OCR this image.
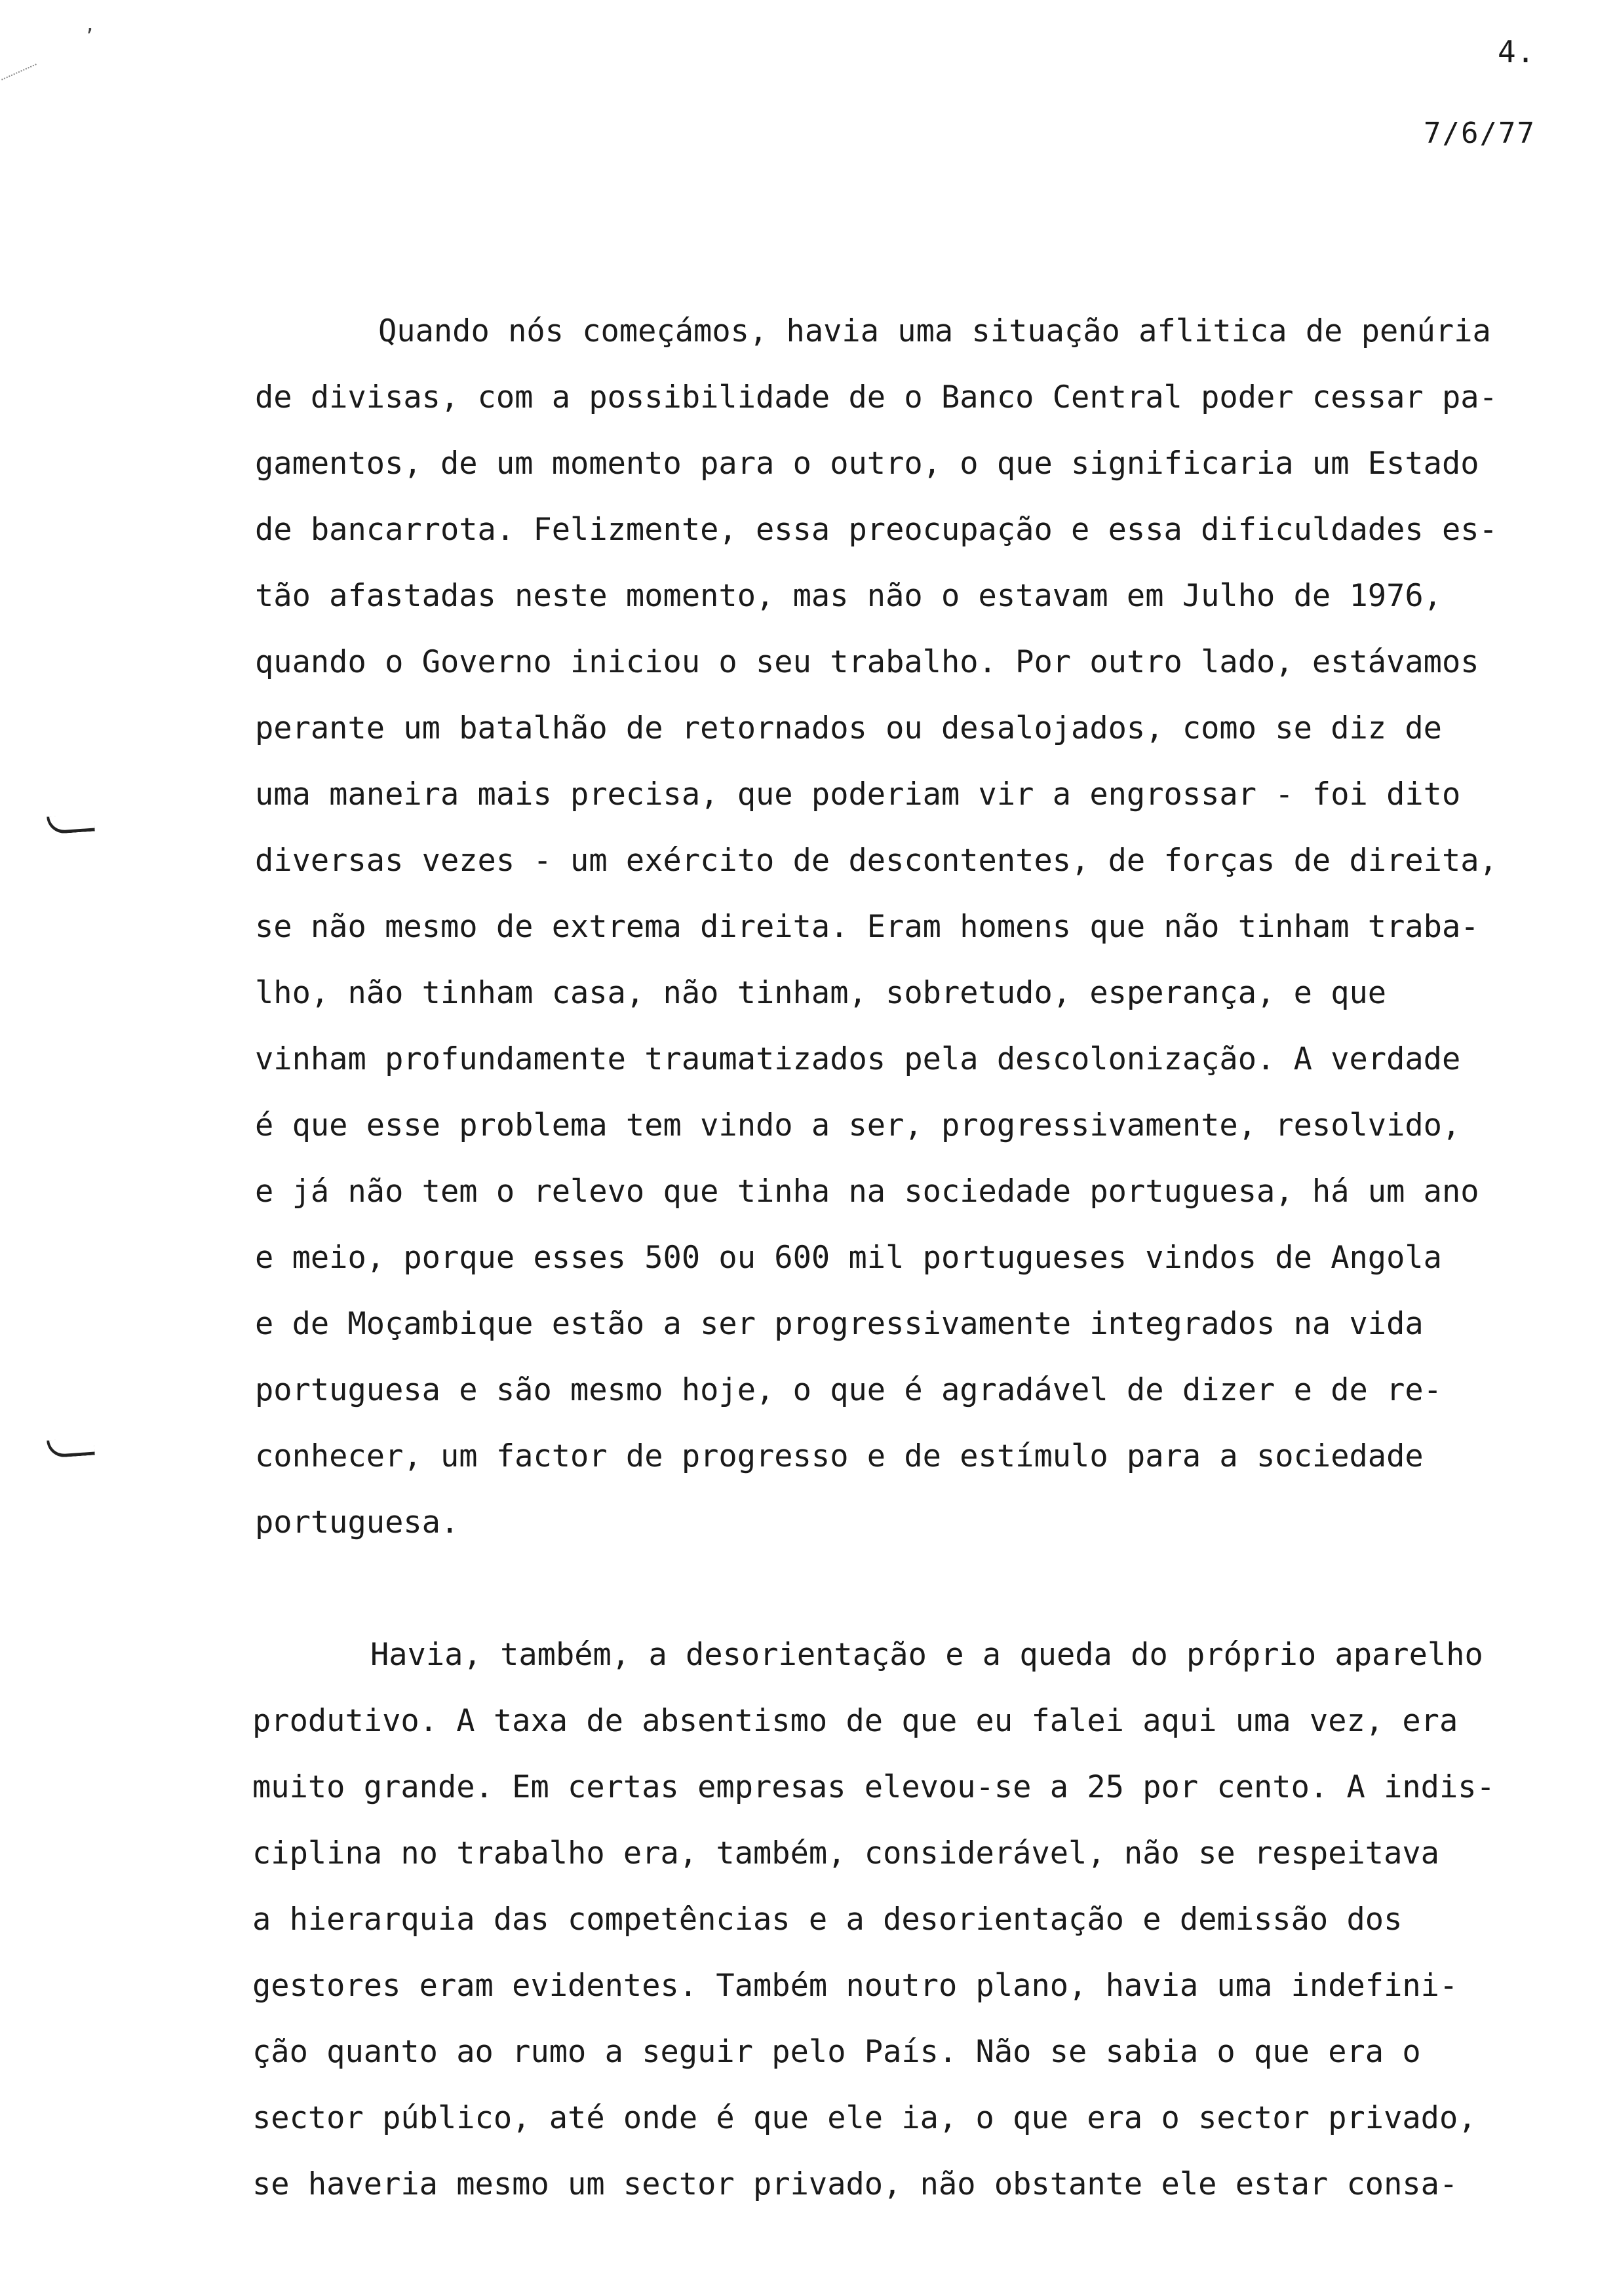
’	4.
7/6/77
Quando nós começámos, havia uma situação aflitica de penúria
de divisas, com a possibilidade de o Banco Central poder cessar pa-
gamentos, de um momento para o outro, o que significaria um Estado
de bancarrota. Felizmente, essa preocupação e essa dificuldades es-
tão afastadas neste momento, mas não o estavam em Julho de 1976,
quando o Governo iniciou o seu trabalho. Por outro lado, estávamos
perante um batalhão de retornados ou desalojados, como se diz de
uma maneira mais precisa, que poderiam vir a engrossar - foi dito
diversas vezes - um exército de descontentes, de forças de direita,
se não mesmo de extrema direita. Eram homens que não tinham traba-
lho, não tinham casa, não tinham, sobretudo, esperança, e que
vinham profundamente traumatizados pela descolonização. A verdade
é que esse problema tem vindo a ser, progressivamente, resolvido,
e já não tem o relevo que tinha na sociedade portuguesa, há um ano
e meio, porque esses 500 ou 600 mil portugueses vindos de Angola
e de Moçambique estão a ser progressivamente integrados na vida
portuguesa e são mesmo hoje, o que é agradável de dizer e de re-
conhecer, um factor de progresso e de estímulo para a sociedade
portuguesa.
Havia, também, a desorientação e a queda do próprio aparelho
produtivo. A taxa de absentismo de que eu falei aqui uma vez, era
muito grande. Em certas empresas elevou-se a 25 por cento. A indis-
ciplina no trabalho era, também, considerável, não se respeitava
a hierarquia das competências e a desorientação e demissão dos
gestores eram evidentes. Também noutro plano, havia uma indefini-
ção quanto ao rumo a seguir pelo País. Não se sabia o que era o
sector público, até onde é que ele ia, o que era o sector privado,
se haveria mesmo um sector privado, não obstante ele estar consa-
